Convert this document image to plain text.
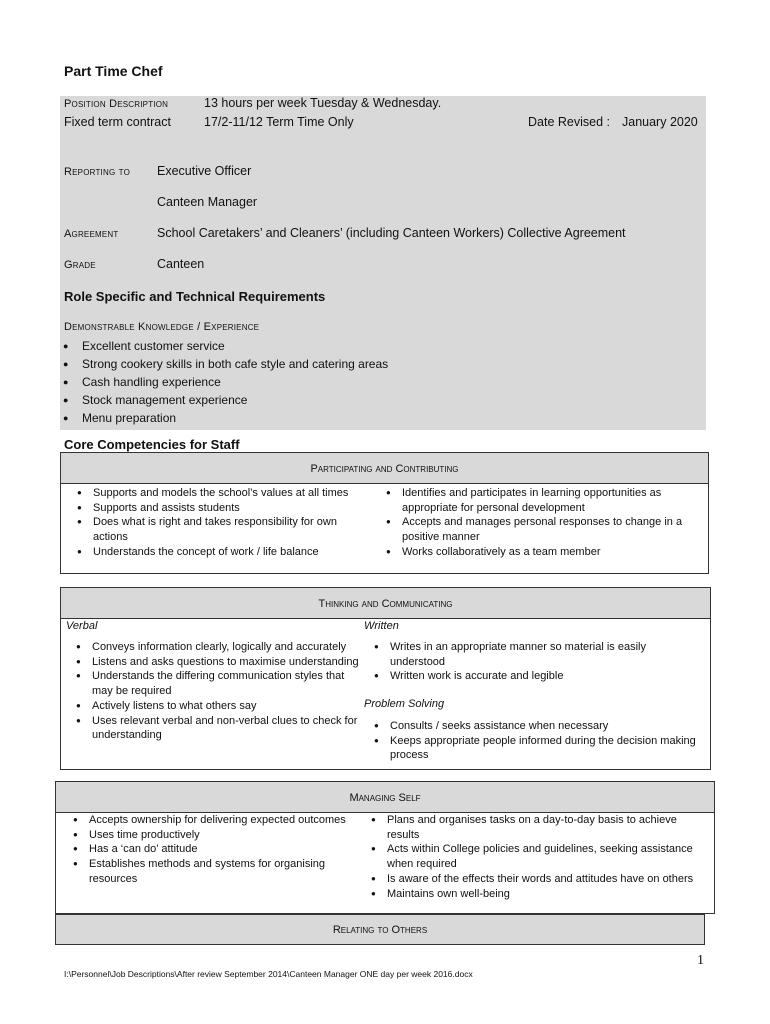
Part Time Chef
Position Description	13 hours per week Tuesday & Wednesday.
Fixed term contract	17/2-11/12 Term Time Only	Date Revised : January 2020
Reporting to Executive Officer
Canteen Manager
Agreement	School Caretakers’ and Cleaners’ (including Canteen Workers) Collective Agreement
Grade	Canteen
Role Specific and Technical Requirements
Demonstrable Knowledge / Experience
● Excellent customer service
● Strong cookery skills in both cafe style and catering areas
● Cash handling experience
● Stock management experience
● Menu preparation
Core Competencies for Staff
Participating and Contributing
● Supports and models the school’s values at all times
● Supports and assists students
● Does what is right and takes responsibility for own actions
● Understands the concept of work / life balance
● Identifies and participates in learning opportunities as appropriate for personal development
● Accepts and manages personal responses to change in a positive manner
● Works collaboratively as a team member
Thinking and Communicating
Verbal	Written
● Conveys information clearly, logically and accurately
● Listens and asks questions to maximise understanding
● Understands the differing communication styles that may be required
● Actively listens to what others say
● Uses relevant verbal and non-verbal clues to check for understanding
● Writes in an appropriate manner so material is easily understood
● Written work is accurate and legible
Problem Solving
● Consults / seeks assistance when necessary
● Keeps appropriate people informed during the decision making process
Managing Self
● Accepts ownership for delivering expected outcomes
● Uses time productively
● Has a ‘can do’ attitude
● Establishes methods and systems for organising resources
● Plans and organises tasks on a day-to-day basis to achieve results
● Acts within College policies and guidelines, seeking assistance when required
● Is aware of the effects their words and attitudes have on others
● Maintains own well-being
Relating to Others
1
I:\Personnel\Job Descriptions\After review September 2014\Canteen Manager ONE day per week 2016.docx
